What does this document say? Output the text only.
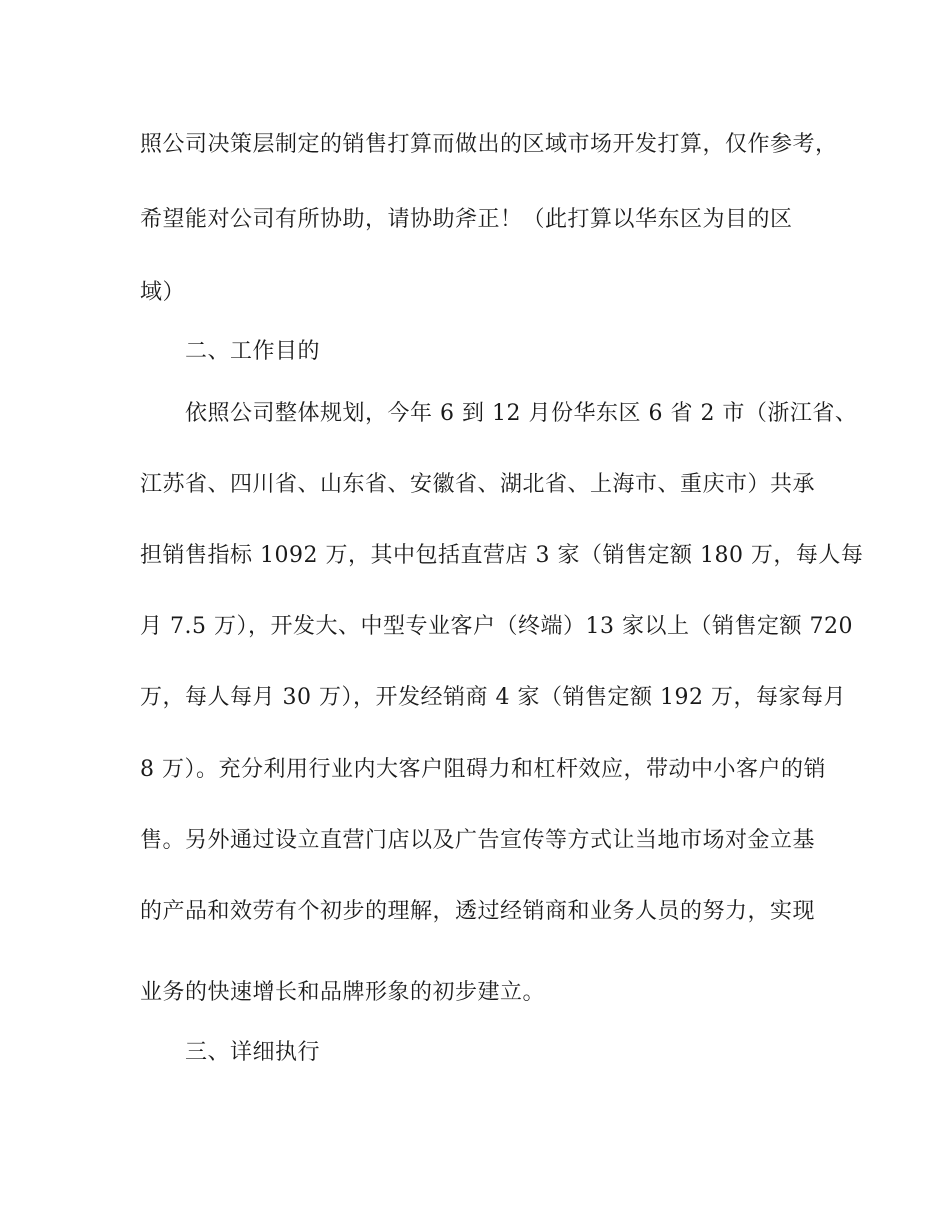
照公司决策层制定的销售打算而做出的区域市场开发打算，仅作参考，
希望能对公司有所协助，请协助斧正！（此打算以华东区为目的区
域）
二、工作目的
依照公司整体规划，今年 6 到 12 月份华东区 6 省 2 市（浙江省、
江苏省、四川省、山东省、安徽省、湖北省、上海市、重庆市）共承
担销售指标 1092 万，其中包括直营店 3 家（销售定额 180 万，每人每
月 7.5 万），开发大、中型专业客户（终端）13 家以上（销售定额 720
万，每人每月 30 万），开发经销商 4 家（销售定额 192 万，每家每月
8 万）。充分利用行业内大客户阻碍力和杠杆效应，带动中小客户的销
售。另外通过设立直营门店以及广告宣传等方式让当地市场对金立基
的产品和效劳有个初步的理解，透过经销商和业务人员的努力，实现
业务的快速增长和品牌形象的初步建立。
三、详细执行
